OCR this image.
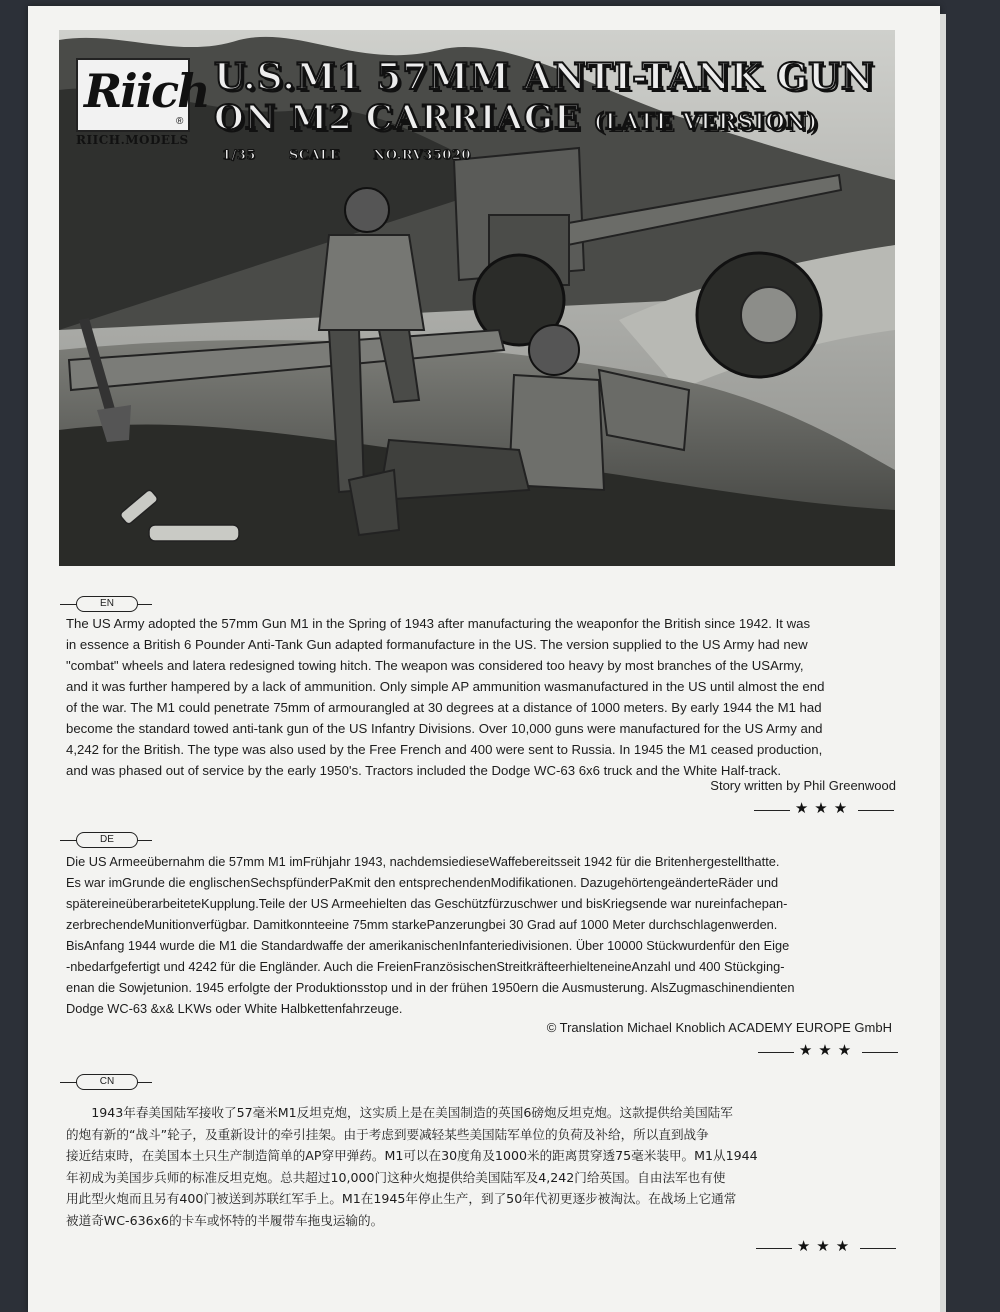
Riich
®
RIICH.MODELS
U.S.M1 57MM ANTI-TANK GUN
ON M2 CARRIAGE (LATE VERSION)
1/35 SCALE NO.RV35020
EN

The US Army adopted the 57mm Gun M1 in the Spring of 1943 after manufacturing the weaponfor the British since 1942. It was

in essence a British 6 Pounder Anti-Tank Gun adapted formanufacture in the US. The version supplied to the US Army had new

"combat" wheels and latera redesigned towing hitch. The weapon was considered too heavy by most branches of the USArmy,

and it was further hampered by a lack of ammunition. Only simple AP ammunition wasmanufactured in the US until almost the end

of the war. The M1 could penetrate 75mm of armourangled at 30 degrees at a distance of 1000 meters. By early 1944 the M1 had

become the standard towed anti-tank gun of the US Infantry Divisions. Over 10,000 guns were manufactured for the US Army and

4,242 for the British. The type was also used by the Free French and 400 were sent to Russia. In 1945 the M1 ceased production,

and was phased out of service by the early 1950's. Tractors included the Dodge WC-63 6x6 truck and the White Half-track.

Story written by Phil Greenwood
★★★
DE

Die US Armeeübernahm die 57mm M1 imFrühjahr 1943, nachdemsiedieseWaffebereitsseit 1942 für die Britenhergestellthatte.

Es war imGrunde die englischenSechspfünderPaKmit den entsprechendenModifikationen. DazugehörtengeänderteRäder und

spätereineüberarbeiteteKupplung.Teile der US Armeehielten das Geschützfürzuschwer und bisKriegsende war nureinfachepan-

zerbrechendeMunitionverfügbar. Damitkonnteeine 75mm starkePanzerungbei 30 Grad auf 1000 Meter durchschlagenwerden.

BisAnfang 1944 wurde die M1 die Standardwaffe der amerikanischenInfanteriedivisionen. Über 10000 Stückwurdenfür den Eige

-nbedarfgefertigt und 4242 für die Engländer. Auch die FreienFranzösischenStreitkräfteerhielteneineAnzahl und 400 Stückging-

enan die Sowjetunion. 1945 erfolgte der Produktionsstop und in der frühen 1950ern die Ausmusterung. AlsZugmaschinendienten

Dodge WC-63 &x& LKWs oder White Halbkettenfahrzeuge.

© Translation Michael Knoblich ACADEMY EUROPE GmbH
★★★
CN

　　1943年春美国陆军接收了57毫米M1反坦克炮，这实质上是在美国制造的英国6磅炮反坦克炮。这款提供给美国陆军

的炮有新的“战斗”轮子，及重新设计的牵引挂架。由于考虑到要减轻某些美国陆军单位的负荷及补给，所以直到战争

接近结束時，在美国本土只生产制造简单的AP穿甲弹药。M1可以在30度角及1000米的距离贯穿透75毫米装甲。M1从1944

年初成为美国步兵师的标准反坦克炮。总共超过10,000门这种火炮提供给美国陆军及4,242门给英国。自由法军也有使

用此型火炮而且另有400门被送到苏联红军手上。M1在1945年停止生产，到了50年代初更逐步被淘汰。在战场上它通常

被道奇WC-636x6的卡车或怀特的半履带车拖曳运输的。

★★★
